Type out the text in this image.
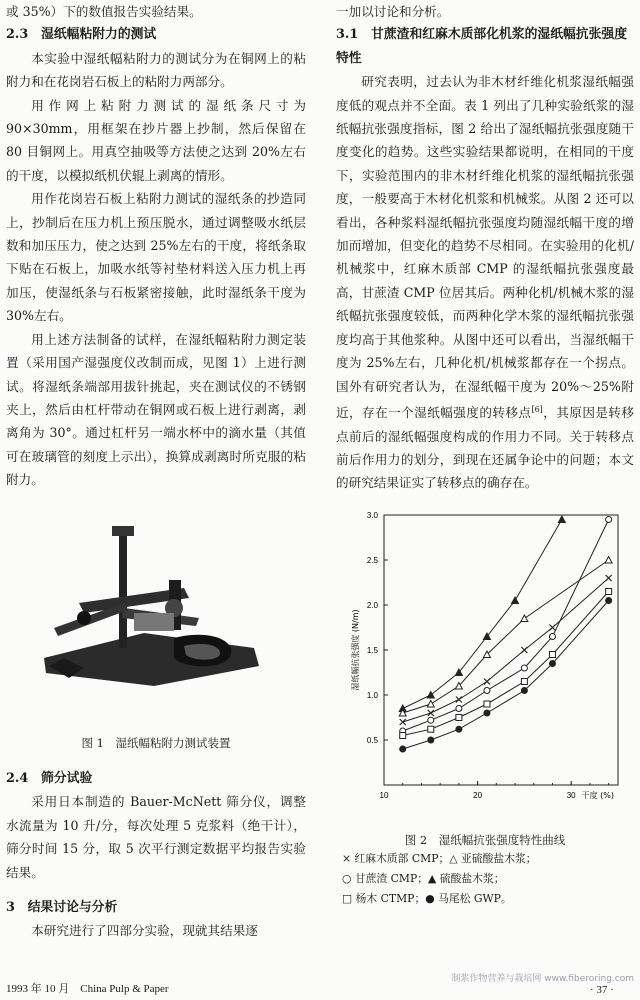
或 35%）下的数值报告实验结果。

2.3　湿纸幅粘附力的测试

本实验中湿纸幅粘附力的测试分为在铜网上的粘附力和在花岗岩石板上的粘附力两部分。

用作网上粘附力测试的湿纸条尺寸为 90×30mm，用框架在抄片器上抄制，然后保留在 80 目铜网上。用真空抽吸等方法使之达到 20%左右的干度，以模拟纸机伏辊上剥离的情形。

用作花岗岩石板上粘附力测试的湿纸条的抄造同上，抄制后在压力机上预压脱水，通过调整吸水纸层数和加压压力，使之达到 25%左右的干度，将纸条取下贴在石板上，加吸水纸等衬垫材料送入压力机上再加压，使湿纸条与石板紧密接触，此时湿纸条干度为 30%左右。

用上述方法制备的试样，在湿纸幅粘附力测定装置（采用国产湿强度仪改制而成，见图 1）上进行测试。将湿纸条端部用拔针挑起，夹在测试仪的不锈钢夹上，然后由杠杆带动在铜网或石板上进行剥离，剥离角为 30°。通过杠杆另一端水杯中的滴水量（其值可在玻璃管的刻度上示出），换算成剥离时所克服的粘附力。

图 1　湿纸幅粘附力测试装置
2.4　筛分试验

采用日本制造的 Bauer-McNett 筛分仪，调整水流量为 10 升/分，每次处理 5 克浆料（绝干计），筛分时间 15 分，取 5 次平行测定数据平均报告实验结果。

3　结果讨论与分析

本研究进行了四部分实验，现就其结果逐

一加以讨论和分析。

3.1　甘蔗渣和红麻木质部化机浆的湿纸幅抗张强度特性

研究表明，过去认为非木材纤维化机浆湿纸幅强度低的观点并不全面。表 1 列出了几种实验纸浆的湿纸幅抗张强度指标，图 2 给出了湿纸幅抗张强度随干度变化的趋势。这些实验结果都说明，在相同的干度下，实验范围内的非木材纤维化机浆的湿纸幅抗张强度，一般要高于木材化机浆和机械浆。从图 2 还可以看出，各种浆料湿纸幅抗张强度均随湿纸幅干度的增加而增加，但变化的趋势不尽相同。在实验用的化机/机械浆中，红麻木质部 CMP 的湿纸幅抗张强度最高，甘蔗渣 CMP 位居其后。两种化机/机械木浆的湿纸幅抗张强度较低，而两种化学木浆的湿纸幅抗张强度均高于其他浆种。从图中还可以看出，当湿纸幅干度为 25%左右，几种化机/机械浆都存在一个拐点。国外有研究者认为，在湿纸幅干度为 20%～25%附近，存在一个湿纸幅强度的转移点[6]，其原因是转移点前后的湿纸幅强度构成的作用力不同。关于转移点前后作用力的划分，到现在还属争论中的问题；本文的研究结果证实了转移点的确存在。

0.5
1.0
1.5
2.0
2.5
3.0
10	20	30 干度 (%)
湿纸幅抗张强度 (N/m)
图 2　湿纸幅抗张强度特性曲线
× 红麻木质部 CMP；△ 亚硫酸盐木浆；
○ 甘蔗渣 CMP；▲ 硫酸盐木浆；
□ 杨木 CTMP；● 马尾松 GWP。
1993 年 10 月　China Pulp & Paper	· 37 ·
制浆作物营养与栽培网 www.fiberoring.com
